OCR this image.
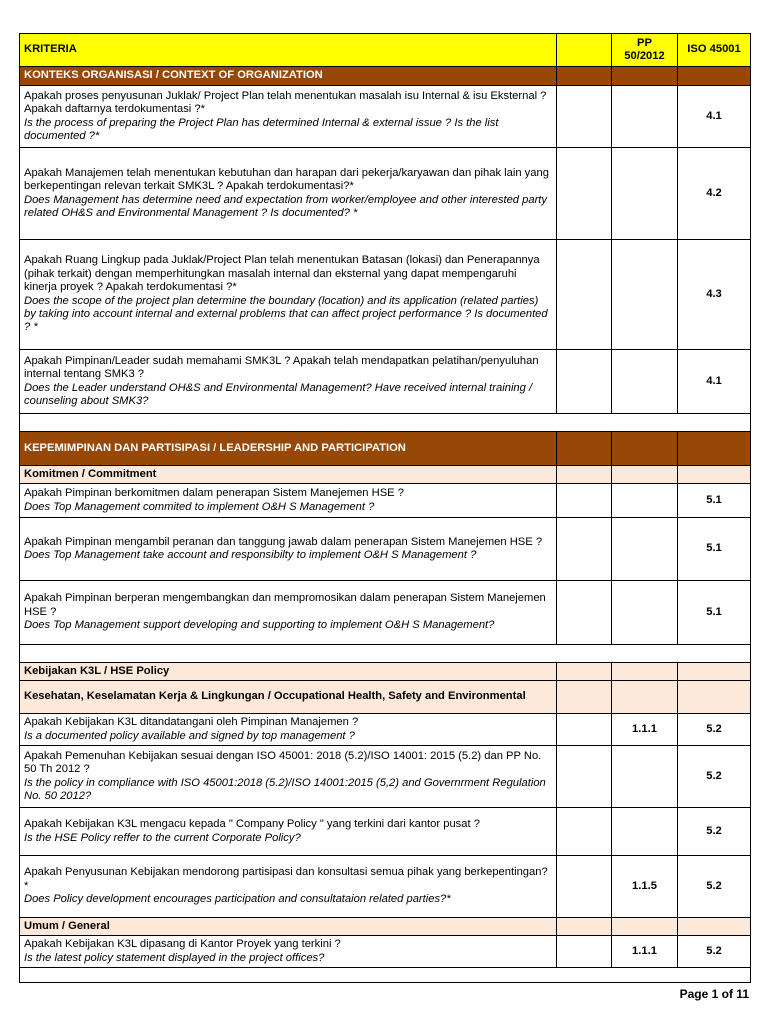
KRITERIA		PP 50/2012	ISO 45001
KONTEKS ORGANISASI / CONTEXT OF ORGANIZATION			

Apakah proses penyusunan Juklak/ Project Plan telah menentukan masalah isu Internal & isu Eksternal ? Apakah daftarnya terdokumentasi ?*
Is the process of preparing the Project Plan has determined Internal & external issue ? Is the list documented ?*			4.1

Apakah Manajemen telah menentukan kebutuhan dan harapan dari pekerja/karyawan dan pihak lain yang berkepentingan relevan terkait SMK3L ? Apakah terdokumentasi?*
Does Management has determine need and expectation from worker/employee and other interested party related OH&S and Environmental Management ? Is documented? *			4.2

Apakah Ruang Lingkup pada Juklak/Project Plan telah menentukan Batasan (lokasi) dan Penerapannya (pihak terkait) dengan memperhitungkan masalah internal dan eksternal yang dapat mempengaruhi kinerja proyek ? Apakah terdokumentasi ?*
Does the scope of the project plan determine the boundary (location) and its application (related parties) by taking into account internal and external problems that can affect project performance ? Is documented ? *			4.3

Apakah Pimpinan/Leader sudah memahami SMK3L ? Apakah telah mendapatkan pelatihan/penyuluhan internal tentang SMK3 ?
Does the Leader understand OH&S and Environmental Management? Have received internal training / counseling about SMK3?			4.1

KEPEMIMPINAN DAN PARTISIPASI / LEADERSHIP AND PARTICIPATION			
Komitmen / Commitment			

Apakah Pimpinan berkomitmen dalam penerapan Sistem Manejemen HSE ?
Does Top Management commited to implement O&H S Management ?			5.1

Apakah Pimpinan mengambil peranan dan tanggung jawab dalam penerapan Sistem Manejemen HSE ?
Does Top Management take account and responsibilty to implement O&H S Management ?			5.1

Apakah Pimpinan berperan mengembangkan dan mempromosikan dalam penerapan Sistem Manejemen HSE ?
Does Top Management support developing and supporting to implement O&H S Management?			5.1

Kebijakan K3L / HSE Policy			
Kesehatan, Keselamatan Kerja & Lingkungan / Occupational Health, Safety and Environmental			

Apakah Kebijakan K3L ditandatangani oleh Pimpinan Manajemen ?
Is a documented policy available and signed by top management ?		1.1.1	5.2

Apakah Pemenuhan Kebijakan sesuai dengan ISO 45001: 2018 (5.2)/ISO 14001: 2015 (5.2) dan PP No. 50 Th 2012 ?
Is the policy in compliance with ISO 45001:2018 (5.2)/ISO 14001:2015 (5,2) and Governrment Regulation No. 50 2012?			5.2

Apakah Kebijakan K3L mengacu kepada " Company Policy " yang terkini dari kantor pusat ?
Is the HSE Policy reffer to the current Corporate Policy?			5.2

Apakah Penyusunan Kebijakan mendorong partisipasi dan konsultasi semua pihak yang berkepentingan?*
Does Policy development encourages participation and consultataion related parties?*		1.1.5	5.2
Umum / General			

Apakah Kebijakan K3L dipasang di Kantor Proyek yang terkini ?
Is the latest policy statement displayed in the project offices?		1.1.1	5.2

Page 1 of 11
